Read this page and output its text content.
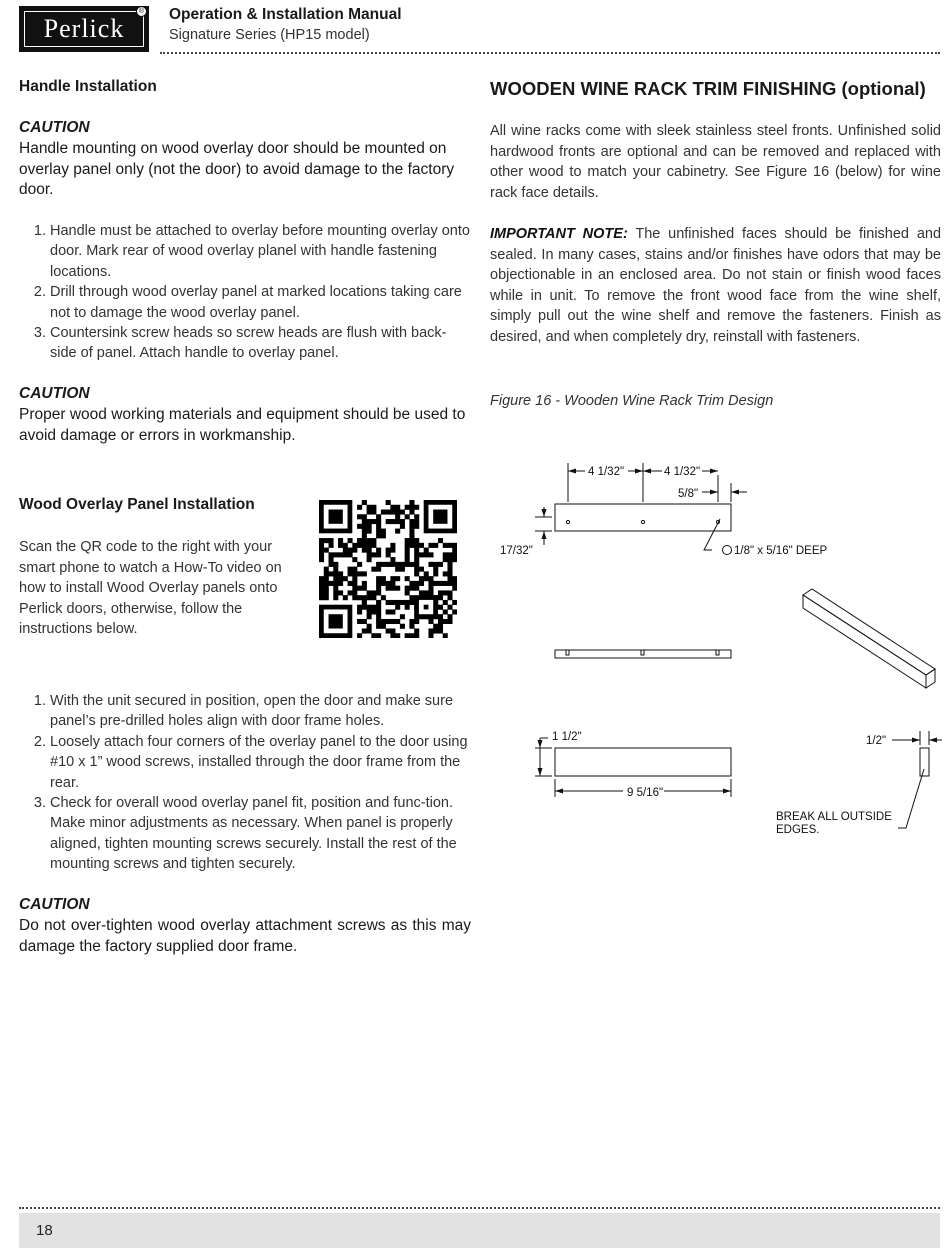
Perlick
® Operation & Installation Manual
Signature Series (HP15 model)
Handle Installation
CAUTION
Handle mounting on wood overlay door should be mounted on overlay panel only (not the door) to avoid damage to the factory door.
1. Handle must be attached to overlay before mounting overlay onto door. Mark rear of wood overlay planel with handle fastening locations.
2. Drill through wood overlay panel at marked locations taking care not to damage the wood overlay panel.
3. Countersink screw heads so screw heads are flush with back-side of panel. Attach handle to overlay panel.
CAUTION
Proper wood working materials and equipment should be used to avoid damage or errors in workmanship.
Wood Overlay Panel Installation
Scan the QR code to the right with your smart phone to watch a How-To video on how to install Wood Overlay panels onto Perlick doors, otherwise, follow the instructions below.
1. With the unit secured in position, open the door and make sure panel’s pre-drilled holes align with door frame holes.
2. Loosely attach four corners of the overlay panel to the door using #10 x 1” wood screws, installed through the door frame from the rear.
3. Check for overall wood overlay panel fit, position and func-tion. Make minor adjustments as necessary. When panel is properly aligned, tighten mounting screws securely. Install the rest of the mounting screws and tighten securely.
CAUTION
Do not over-tighten wood overlay attachment screws as this may damage the factory supplied door frame.
WOODEN WINE RACK TRIM FINISHING (optional)
All wine racks come with sleek stainless steel fronts. Unfinished solid hardwood fronts are optional and can be removed and replaced with other wood to match your cabinetry. See Figure 16 (below) for wine rack face details.
IMPORTANT NOTE: The unfinished faces should be finished and sealed. In many cases, stains and/or finishes have odors that may be objectionable in an enclosed area. Do not stain or finish wood faces while in unit. To remove the front wood face from the wine shelf, simply pull out the wine shelf and remove the fasteners. Finish as desired, and when completely dry, reinstall with fasteners.
Figure 16 - Wooden Wine Rack Trim Design
4 1/32"	4 1/32"
5/8"
17/32"	1/8" x 5/16" DEEP
1 1/2"
9 5/16"
1/2"
BREAK ALL OUTSIDE
EDGES.
18
